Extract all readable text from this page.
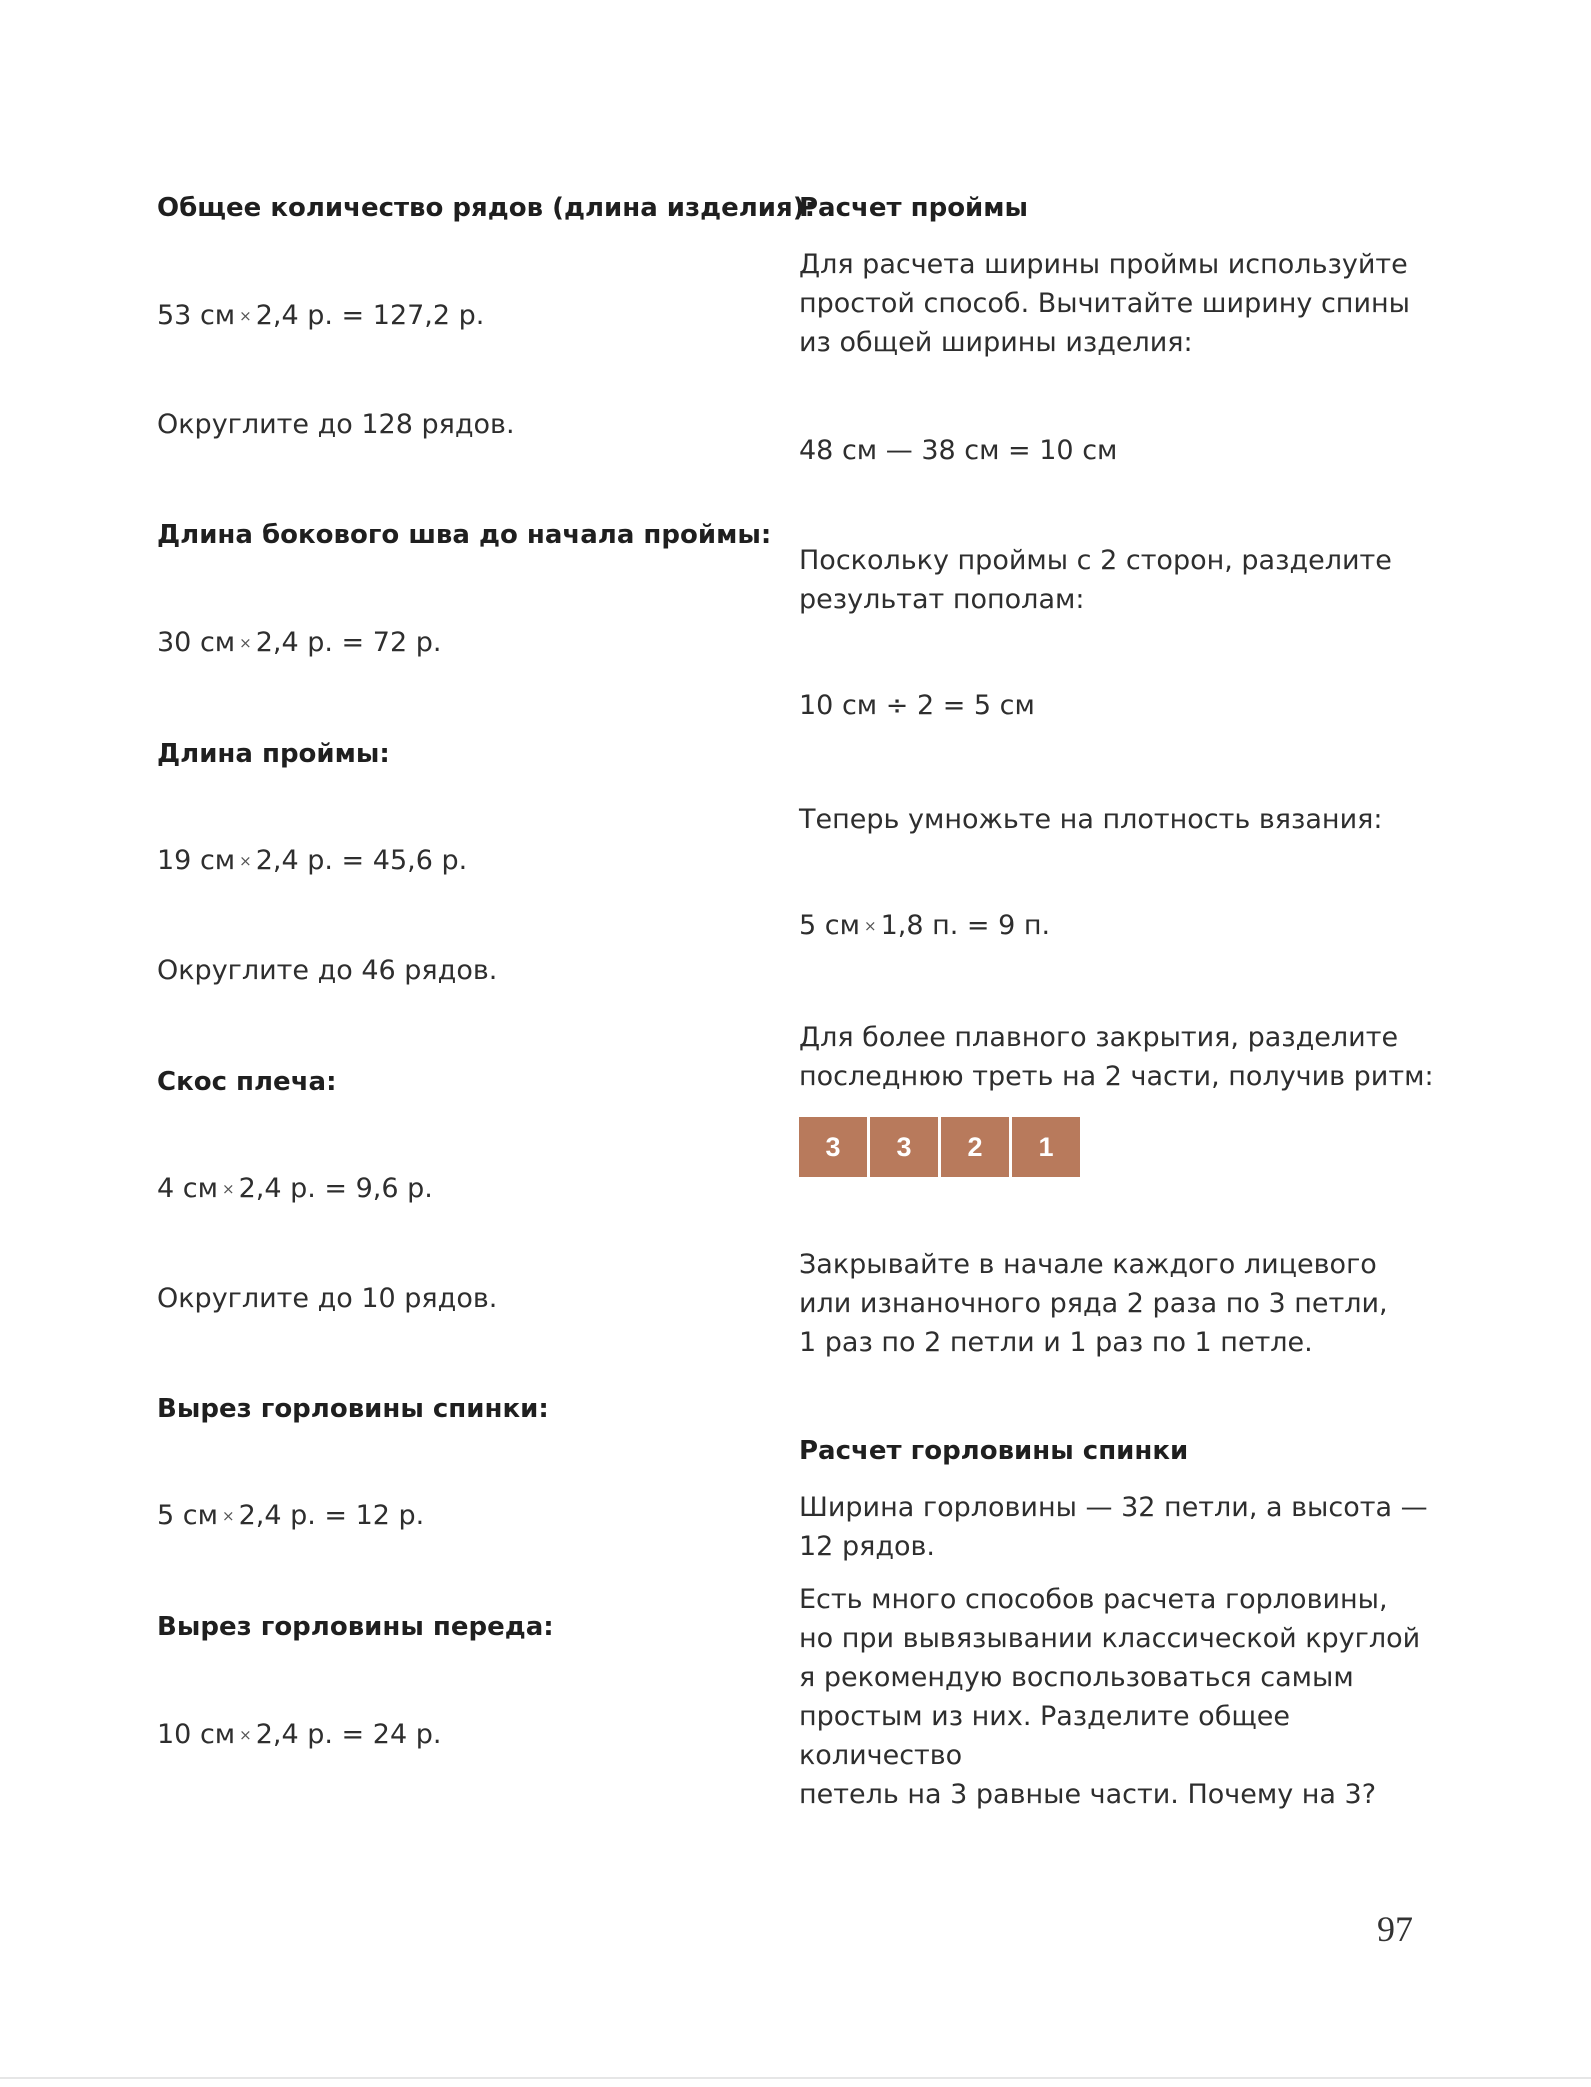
Общее количество рядов (длина изделия):
53 см × 2,4 р. = 127,2 р.
Округлите до 128 рядов.
Длина бокового шва до начала проймы:
30 см × 2,4 р. = 72 р.
Длина проймы:
19 см × 2,4 р. = 45,6 р.
Округлите до 46 рядов.
Скос плеча:
4 см × 2,4 р. = 9,6 р.
Округлите до 10 рядов.
Вырез горловины спинки:
5 см × 2,4 р. = 12 р.
Вырез горловины переда:
10 см × 2,4 р. = 24 р.
Расчет проймы
Для расчета ширины проймы используйте
простой способ. Вычитайте ширину спины
из общей ширины изделия:
48 см — 38 см = 10 см
Поскольку проймы с 2 сторон, разделите
результат пополам:
10 см ÷ 2 = 5 см
Теперь умножьте на плотность вязания:
5 см × 1,8 п. = 9 п.
Для более плавного закрытия, разделите
последнюю треть на 2 части, получив ритм:
3	3	2	1
Закрывайте в начале каждого лицевого
или изнаночного ряда 2 раза по 3 петли,
1 раз по 2 петли и 1 раз по 1 петле.
Расчет горловины спинки
Ширина горловины — 32 петли, а высота —
12 рядов.
Есть много способов расчета горловины,
но при вывязывании классической круглой
я рекомендую воспользоваться самым
простым из них. Разделите общее количество
петель на 3 равные части. Почему на 3?
97
